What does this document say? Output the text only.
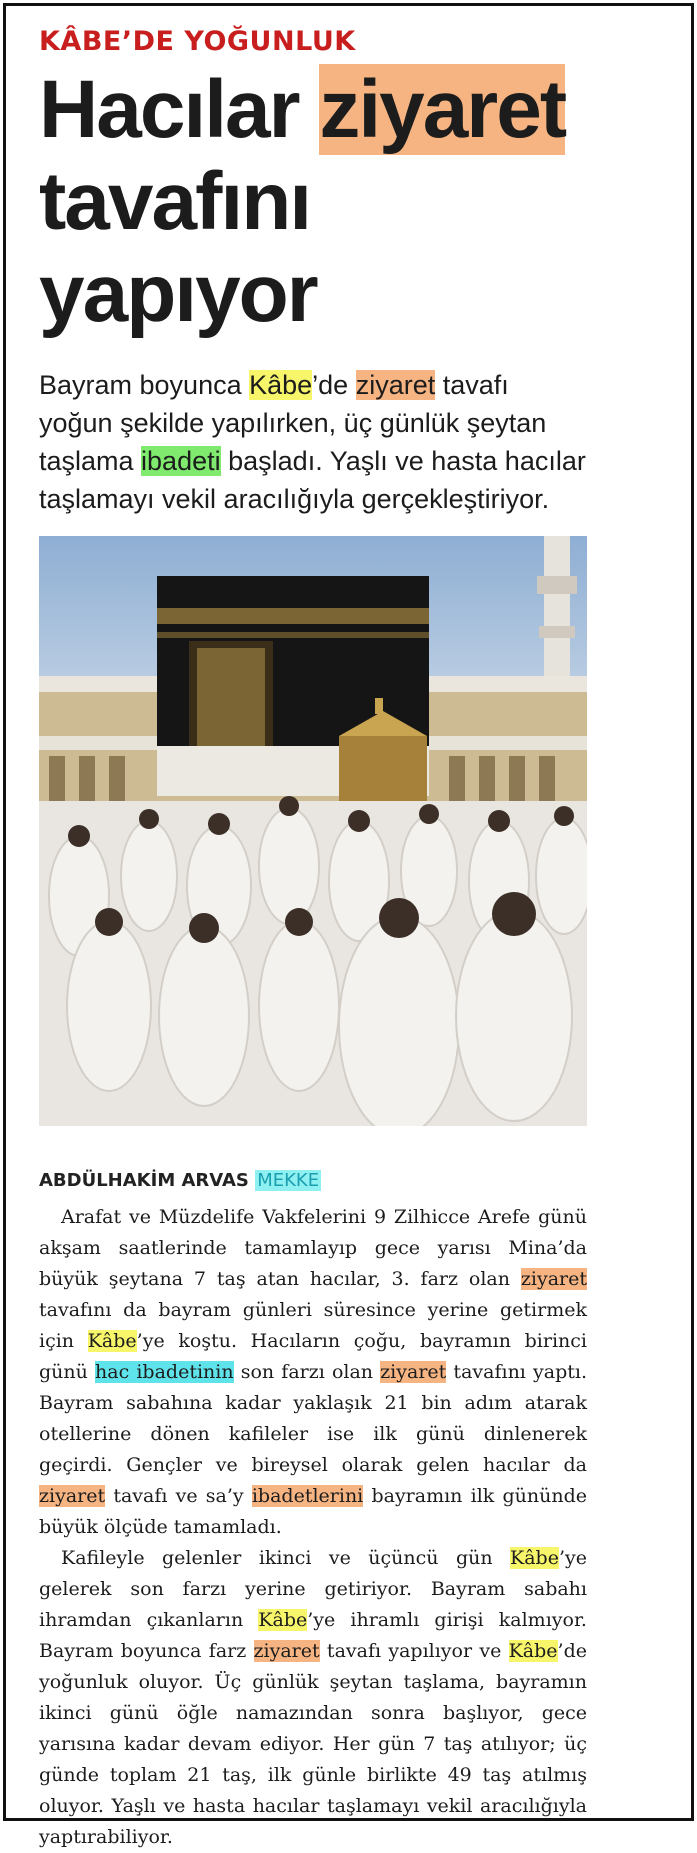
KÂBE’DE YOĞUNLUK
Hacılar ziyaret
tavafını yapıyor

Bayram boyunca Kâbe’de ziyaret tavafı yoğun şekilde yapılırken, üç günlük şeytan taşlama ibadeti başladı. Yaşlı ve hasta hacılar taşlamayı vekil aracılığıyla gerçekleştiriyor.

ABDÜLHAKİM ARVAS MEKKE

Arafat ve Müzdelife Vakfelerini 9 Zilhicce Arefe günü akşam saatlerinde tamamlayıp gece yarısı Mina’da büyük şeytana 7 taş atan hacılar, 3. farz olan ziyaret tavafını da bayram günleri süresince yerine getirmek için Kâbe’ye koştu. Hacıların çoğu, bayramın birinci günü hac ibadetinin son farzı olan ziyaret tavafını yaptı. Bayram sabahına kadar yaklaşık 21 bin adım atarak otellerine dönen kafileler ise ilk günü dinlenerek geçirdi. Gençler ve bireysel olarak gelen hacılar da ziyaret tavafı ve sa’y ibadetlerini bayramın ilk gününde büyük ölçüde tamamladı.

Kafileyle gelenler ikinci ve üçüncü gün Kâbe’ye gelerek son farzı yerine getiriyor. Bayram sabahı ihramdan çıkanların Kâbe’ye ihramlı girişi kalmıyor. Bayram boyunca farz ziyaret tavafı yapılıyor ve Kâbe’de yoğunluk oluyor. Üç günlük şeytan taşlama, bayramın ikinci günü öğle namazından sonra başlıyor, gece yarısına kadar devam ediyor. Her gün 7 taş atılıyor; üç günde toplam 21 taş, ilk günle birlikte 49 taş atılmış oluyor. Yaşlı ve hasta hacılar taşlamayı vekil aracılığıyla yaptırabiliyor.
